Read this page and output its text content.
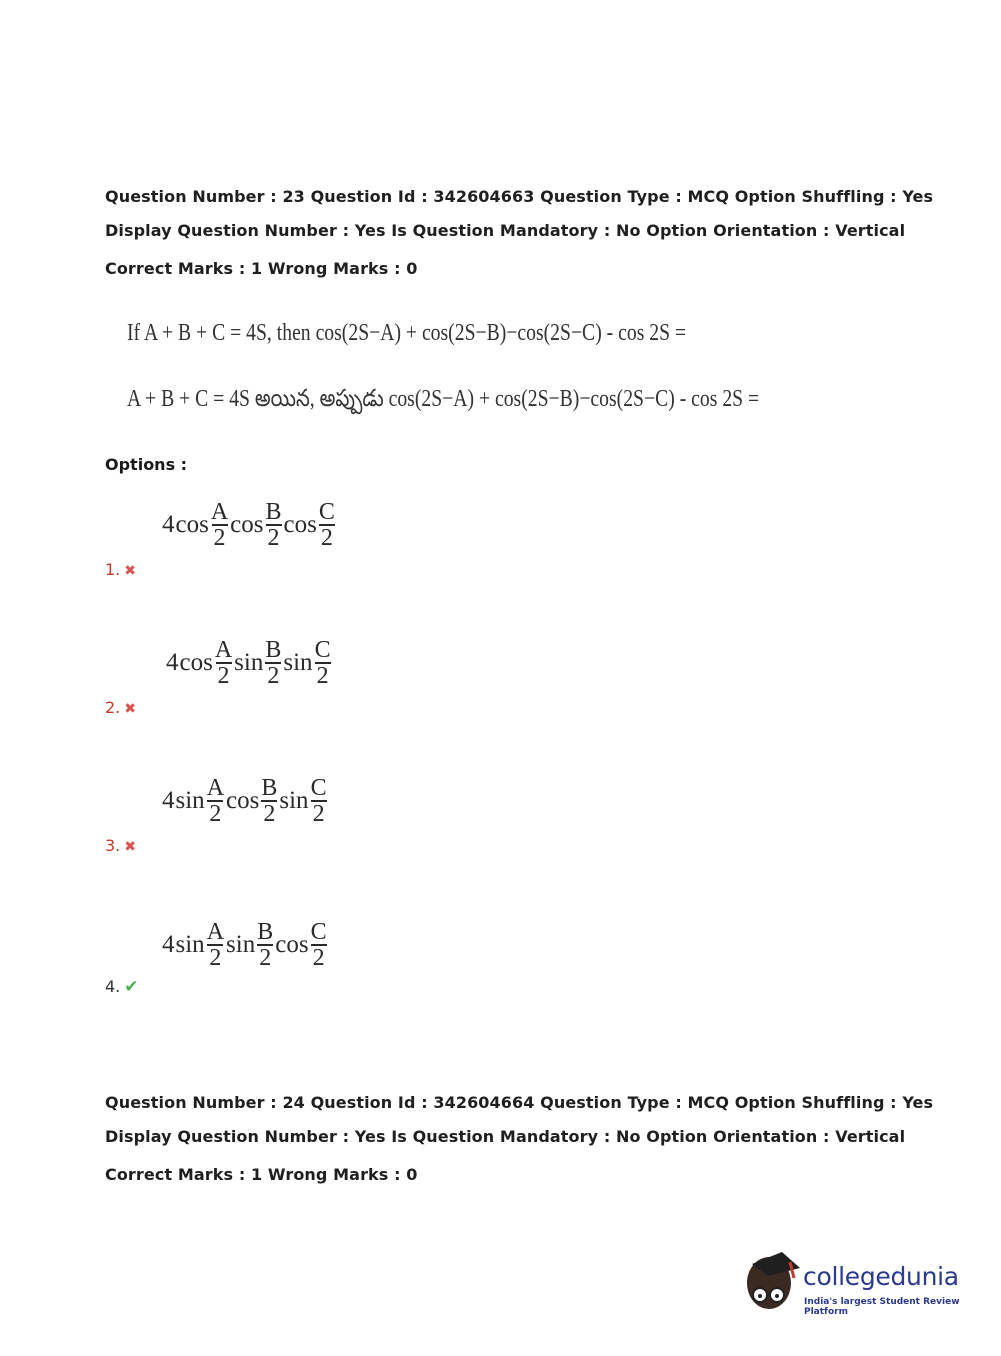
Question Number : 23 Question Id : 342604663 Question Type : MCQ Option Shuffling : Yes
Display Question Number : Yes Is Question Mandatory : No Option Orientation : Vertical
Correct Marks : 1 Wrong Marks : 0
If A + B + C = 4S, then cos(2S−A) + cos(2S−B)−cos(2S−C) - cos 2S =
A + B + C = 4S అయిన, అప్పుడు cos(2S−A) + cos(2S−B)−cos(2S−C) - cos 2S =
Options :
4 $\cos \frac{A}{2}$ $\cos \frac{B}{2}$ $\cos \frac{C}{2}$
1. ✖
4 $\cos \frac{A}{2}$ $\sin \frac{B}{2}$ $\sin \frac{C}{2}$
2. ✖
4 $\sin \frac{A}{2}$ $\cos \frac{B}{2}$ $\sin \frac{C}{2}$
3. ✖
4 $\sin \frac{A}{2}$ $\sin \frac{B}{2}$ $\cos \frac{C}{2}$
4. ✔
Question Number : 24 Question Id : 342604664 Question Type : MCQ Option Shuffling : Yes
Display Question Number : Yes Is Question Mandatory : No Option Orientation : Vertical
Correct Marks : 1 Wrong Marks : 0
collegedunia
India's largest Student Review Platform
